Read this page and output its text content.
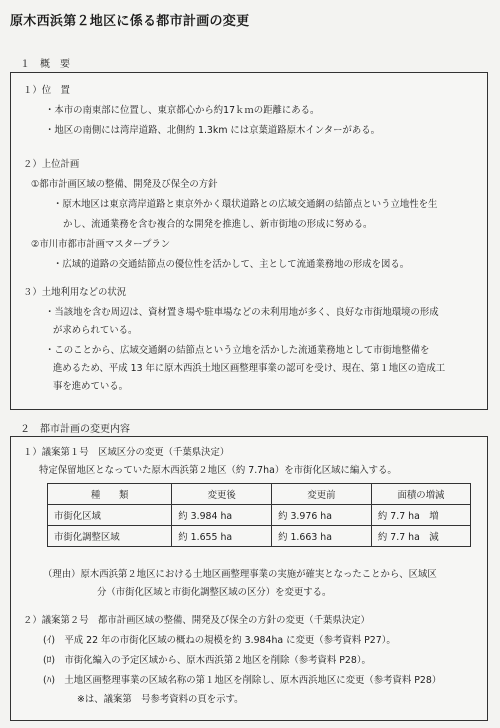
原木西浜第２地区に係る都市計画の変更
１　概　要
１）位　置
・本市の南東部に位置し、東京都心から約17ｋｍの距離にある。
・地区の南側には湾岸道路、北側約 1.3km には京葉道路原木インターがある。
２）上位計画
①都市計画区域の整備、開発及び保全の方針
・原木地区は東京湾岸道路と東京外かく環状道路との広域交通網の結節点という立地性を生
かし、流通業務を含む複合的な開発を推進し、新市街地の形成に努める。
②市川市都市計画マスタープラン
・広域的道路の交通結節点の優位性を活かして、主として流通業務地の形成を図る。
３）土地利用などの状況
・当該地を含む周辺は、資材置き場や駐車場などの未利用地が多く、良好な市街地環境の形成
が求められている。
・このことから、広域交通網の結節点という立地を活かした流通業務地として市街地整備を
進めるため、平成 13 年に原木西浜土地区画整理事業の認可を受け、現在、第１地区の造成工
事を進めている。
２　都市計画の変更内容
１）議案第１号　区域区分の変更（千葉県決定）
特定保留地区となっていた原木西浜第２地区（約 7.7ha）を市街化区域に編入する。
種　　類	変更後	変更前	面積の増減
市街化区域	約 3.984 ha	約 3.976 ha	約 7.7 ha　増
市街化調整区域	約 1.655 ha	約 1.663 ha	約 7.7 ha　減
（理由）原木西浜第２地区における土地区画整理事業の実施が確実となったことから、区域区
分（市街化区域と市街化調整区域の区分）を変更する。
２）議案第２号　都市計画区域の整備、開発及び保全の方針の変更（千葉県決定）
(ｲ)　平成 22 年の市街化区域の概ねの規模を約 3.984ha に変更（参考資料 P27）。
(ﾛ)　市街化編入の予定区域から、原木西浜第２地区を削除（参考資料 P28）。
(ﾊ)　土地区画整理事業の区域名称の第１地区を削除し、原木西浜地区に変更（参考資料 P28）
※は、議案第　号参考資料の頁を示す。
